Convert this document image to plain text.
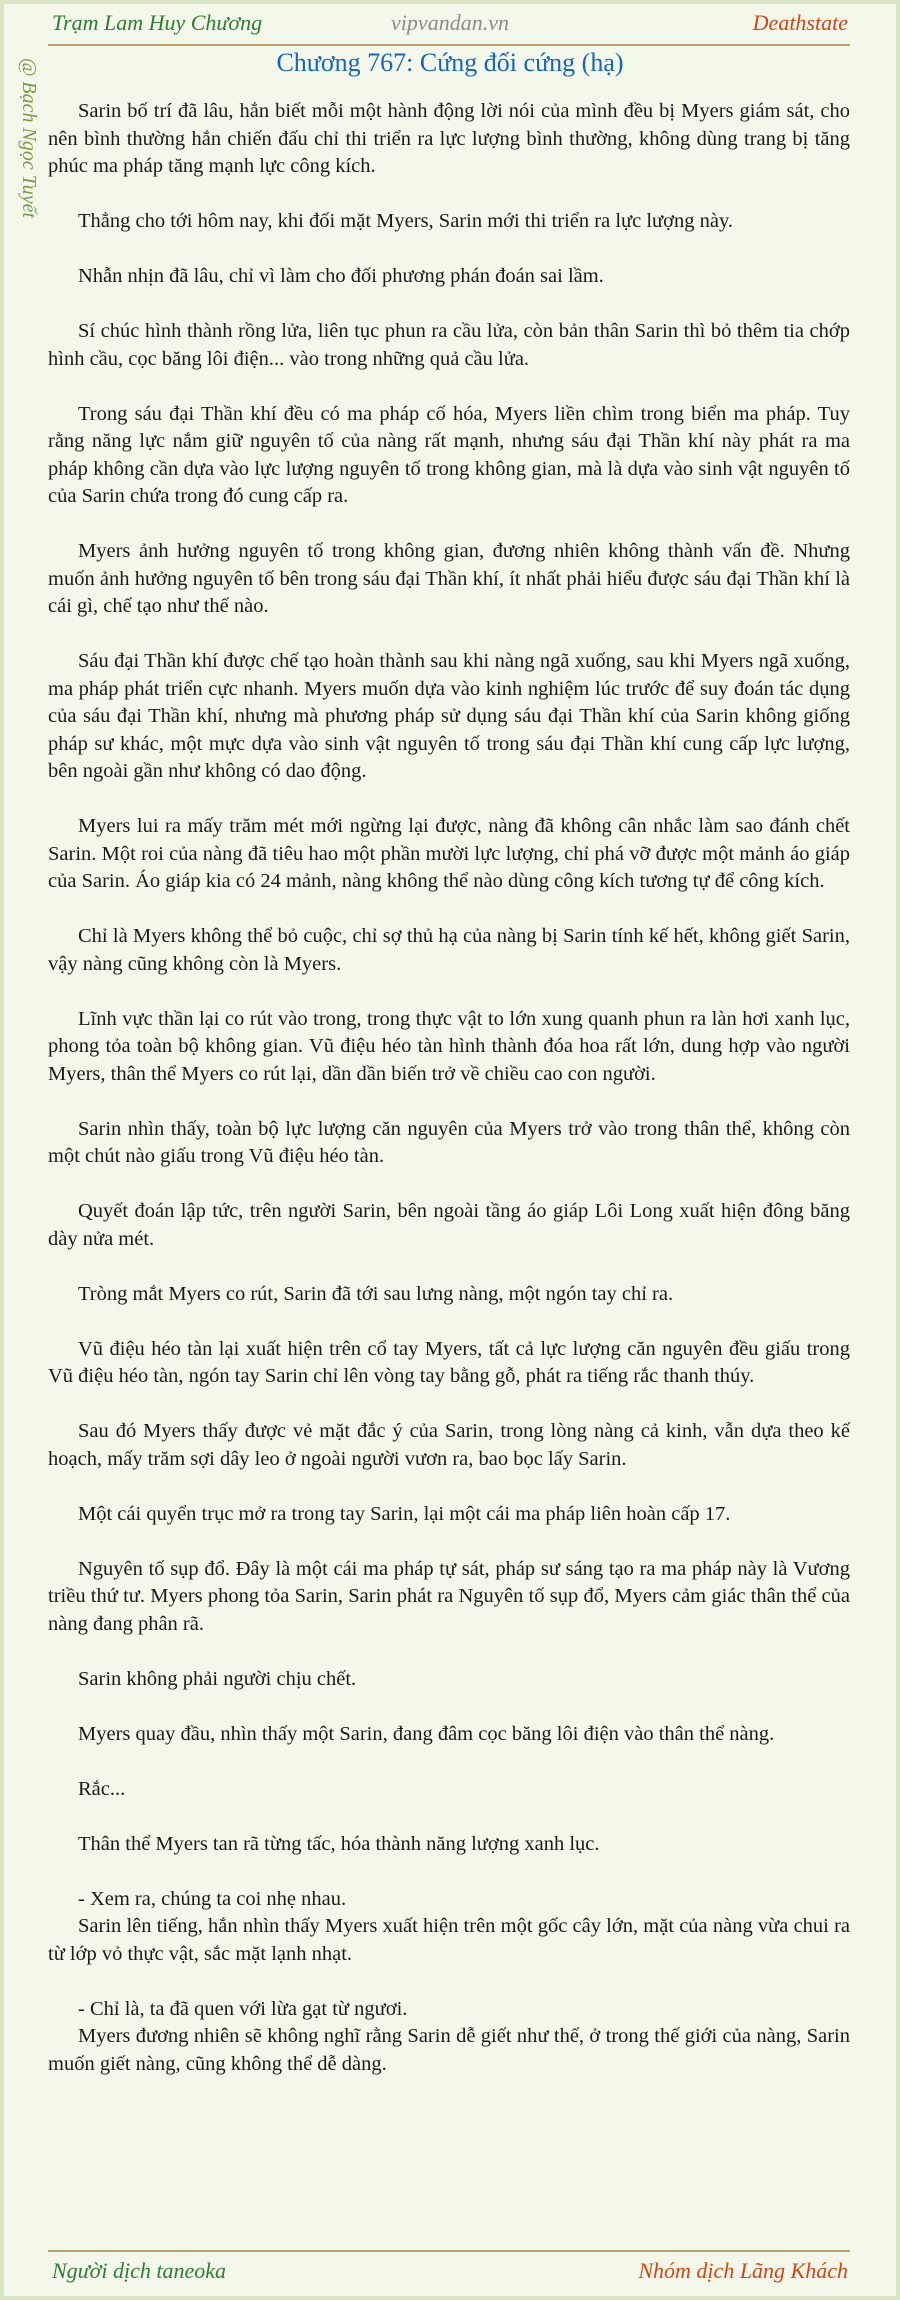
Trạm Lam Huy Chương	vipvandan.vn	Deathstate
@ Bạch Ngọc Tuyết	Chương 767: Cứng đối cứng (hạ)

Sarin bố trí đã lâu, hắn biết mỗi một hành động lời nói của mình đều bị Myers giám sát, cho nên bình thường hắn chiến đấu chỉ thi triển ra lực lượng bình thường, không dùng trang bị tăng phúc ma pháp tăng mạnh lực công kích.

Thẳng cho tới hôm nay, khi đối mặt Myers, Sarin mới thi triển ra lực lượng này.

Nhẫn nhịn đã lâu, chỉ vì làm cho đối phương phán đoán sai lầm.

Sí chúc hình thành rồng lửa, liên tục phun ra cầu lửa, còn bản thân Sarin thì bỏ thêm tia chớp hình cầu, cọc băng lôi điện... vào trong những quả cầu lửa.

Trong sáu đại Thần khí đều có ma pháp cố hóa, Myers liền chìm trong biển ma pháp. Tuy rằng năng lực nắm giữ nguyên tố của nàng rất mạnh, nhưng sáu đại Thần khí này phát ra ma pháp không cần dựa vào lực lượng nguyên tố trong không gian, mà là dựa vào sinh vật nguyên tố của Sarin chứa trong đó cung cấp ra.

Myers ảnh hưởng nguyên tố trong không gian, đương nhiên không thành vấn đề. Nhưng muốn ảnh hưởng nguyên tố bên trong sáu đại Thần khí, ít nhất phải hiểu được sáu đại Thần khí là cái gì, chế tạo như thế nào.

Sáu đại Thần khí được chế tạo hoàn thành sau khi nàng ngã xuống, sau khi Myers ngã xuống, ma pháp phát triển cực nhanh. Myers muốn dựa vào kinh nghiệm lúc trước để suy đoán tác dụng của sáu đại Thần khí, nhưng mà phương pháp sử dụng sáu đại Thần khí của Sarin không giống pháp sư khác, một mực dựa vào sinh vật nguyên tố trong sáu đại Thần khí cung cấp lực lượng, bên ngoài gần như không có dao động.

Myers lui ra mấy trăm mét mới ngừng lại được, nàng đã không cân nhắc làm sao đánh chết Sarin. Một roi của nàng đã tiêu hao một phần mười lực lượng, chỉ phá vỡ được một mảnh áo giáp của Sarin. Áo giáp kia có 24 mảnh, nàng không thể nào dùng công kích tương tự để công kích.

Chỉ là Myers không thể bỏ cuộc, chỉ sợ thủ hạ của nàng bị Sarin tính kế hết, không giết Sarin, vậy nàng cũng không còn là Myers.

Lĩnh vực thần lại co rút vào trong, trong thực vật to lớn xung quanh phun ra làn hơi xanh lục, phong tỏa toàn bộ không gian. Vũ điệu héo tàn hình thành đóa hoa rất lớn, dung hợp vào người Myers, thân thể Myers co rút lại, dần dần biến trở về chiều cao con người.

Sarin nhìn thấy, toàn bộ lực lượng căn nguyên của Myers trở vào trong thân thể, không còn một chút nào giấu trong Vũ điệu héo tàn.

Quyết đoán lập tức, trên người Sarin, bên ngoài tầng áo giáp Lôi Long xuất hiện đông băng dày nửa mét.

Tròng mắt Myers co rút, Sarin đã tới sau lưng nàng, một ngón tay chỉ ra.

Vũ điệu héo tàn lại xuất hiện trên cổ tay Myers, tất cả lực lượng căn nguyên đều giấu trong Vũ điệu héo tàn, ngón tay Sarin chỉ lên vòng tay bằng gỗ, phát ra tiếng rắc thanh thúy.

Sau đó Myers thấy được vẻ mặt đắc ý của Sarin, trong lòng nàng cả kinh, vẫn dựa theo kế hoạch, mấy trăm sợi dây leo ở ngoài người vươn ra, bao bọc lấy Sarin.

Một cái quyển trục mở ra trong tay Sarin, lại một cái ma pháp liên hoàn cấp 17.

Nguyên tố sụp đổ. Đây là một cái ma pháp tự sát, pháp sư sáng tạo ra ma pháp này là Vương triều thứ tư. Myers phong tỏa Sarin, Sarin phát ra Nguyên tố sụp đổ, Myers cảm giác thân thể của nàng đang phân rã.

Sarin không phải người chịu chết.

Myers quay đầu, nhìn thấy một Sarin, đang đâm cọc băng lôi điện vào thân thể nàng.

Rắc...

Thân thể Myers tan rã từng tấc, hóa thành năng lượng xanh lục.

- Xem ra, chúng ta coi nhẹ nhau.

Sarin lên tiếng, hắn nhìn thấy Myers xuất hiện trên một gốc cây lớn, mặt của nàng vừa chui ra từ lớp vỏ thực vật, sắc mặt lạnh nhạt.

- Chỉ là, ta đã quen với lừa gạt từ ngươi.

Myers đương nhiên sẽ không nghĩ rằng Sarin dễ giết như thế, ở trong thế giới của nàng, Sarin muốn giết nàng, cũng không thể dễ dàng.

Người dịch taneoka	Nhóm dịch Lãng Khách
